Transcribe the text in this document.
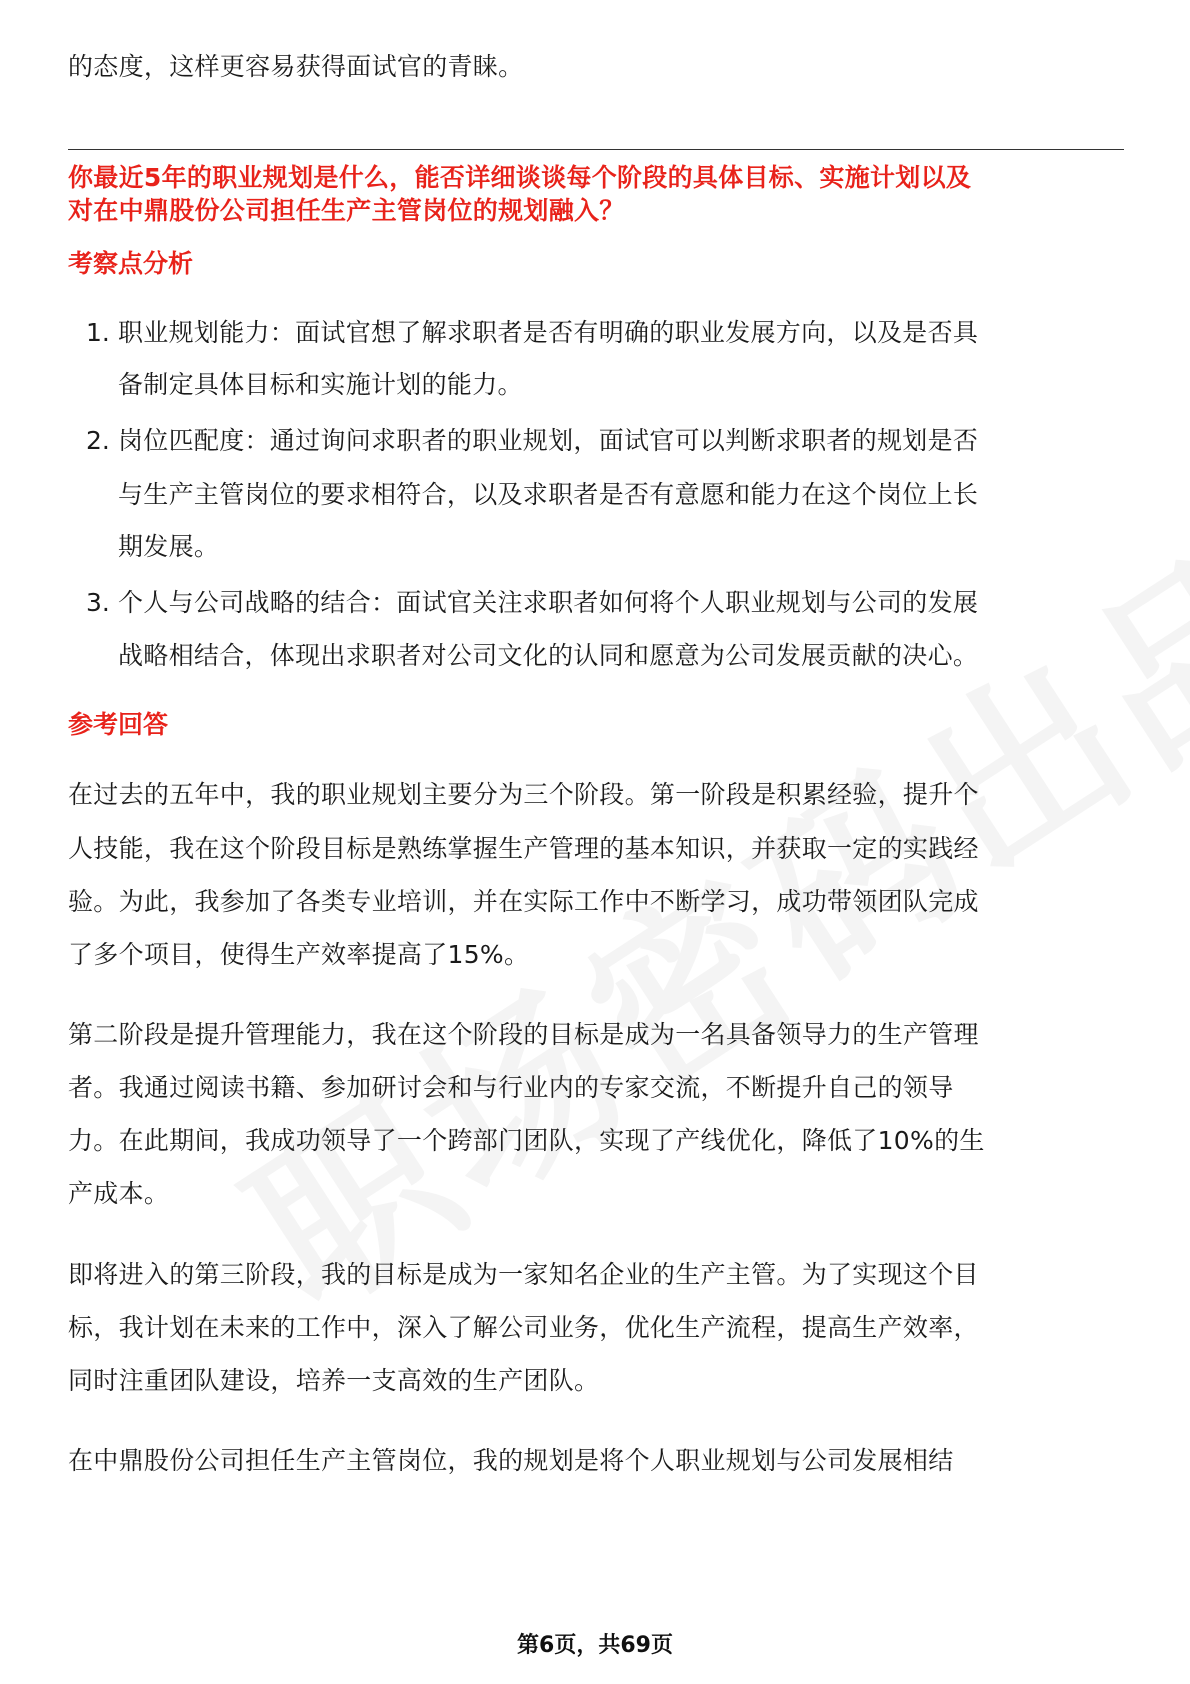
的态度，这样更容易获得面试官的青睐。
你最近5年的职业规划是什么，能否详细谈谈每个阶段的具体目标、实施计划以及
对在中鼎股份公司担任生产主管岗位的规划融入？
考察点分析
1. 职业规划能力：面试官想了解求职者是否有明确的职业发展方向，以及是否具
备制定具体目标和实施计划的能力。
2. 岗位匹配度：通过询问求职者的职业规划，面试官可以判断求职者的规划是否
与生产主管岗位的要求相符合，以及求职者是否有意愿和能力在这个岗位上长
期发展。
3. 个人与公司战略的结合：面试官关注求职者如何将个人职业规划与公司的发展
战略相结合，体现出求职者对公司文化的认同和愿意为公司发展贡献的决心。
参考回答
在过去的五年中，我的职业规划主要分为三个阶段。第一阶段是积累经验，提升个
人技能，我在这个阶段目标是熟练掌握生产管理的基本知识，并获取一定的实践经
验。为此，我参加了各类专业培训，并在实际工作中不断学习，成功带领团队完成
了多个项目，使得生产效率提高了15%。
第二阶段是提升管理能力，我在这个阶段的目标是成为一名具备领导力的生产管理
者。我通过阅读书籍、参加研讨会和与行业内的专家交流，不断提升自己的领导
力。在此期间，我成功领导了一个跨部门团队，实现了产线优化，降低了10%的生
产成本。
即将进入的第三阶段，我的目标是成为一家知名企业的生产主管。为了实现这个目
标，我计划在未来的工作中，深入了解公司业务，优化生产流程，提高生产效率，
同时注重团队建设，培养一支高效的生产团队。
在中鼎股份公司担任生产主管岗位，我的规划是将个人职业规划与公司发展相结
第6页，共69页
